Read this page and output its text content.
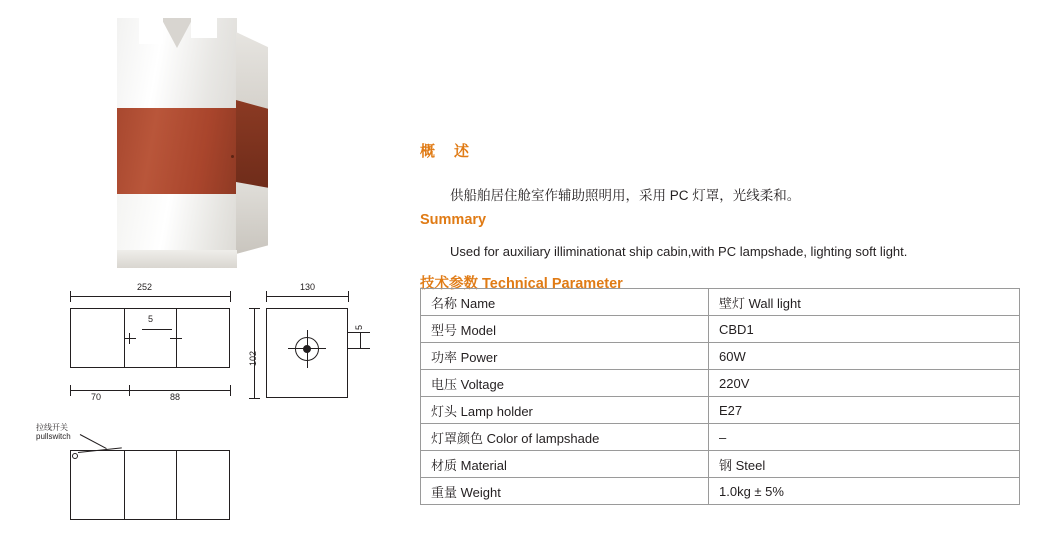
252
5
70	88
130
102
5
拉线开关
pullswitch
概　述

供船舶居住舱室作辅助照明用，采用 PC 灯罩，光线柔和。

Summary

Used for auxiliary illiminationat ship cabin,with PC lampshade, lighting soft light.

技术参数 Technical Parameter
名称 Name	壁灯 Wall light
型号 Model	CBD1
功率 Power	60W
电压 Voltage	220V
灯头 Lamp holder	E27
灯罩颜色 Color of lampshade	–
材质 Material	钢 Steel
重量 Weight	1.0kg ± 5%
